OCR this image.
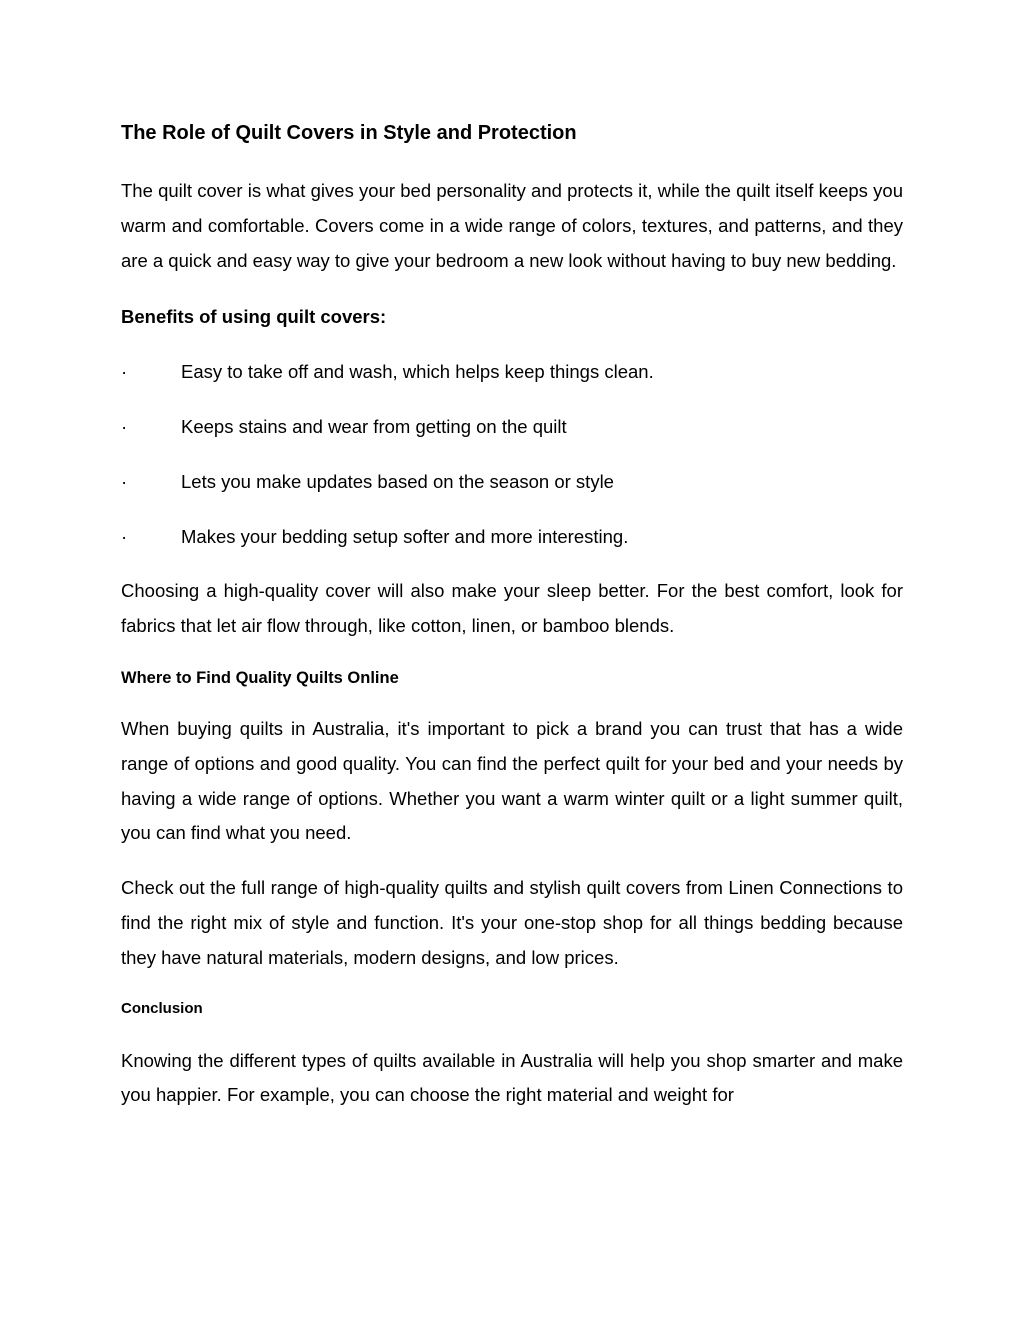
The Role of Quilt Covers in Style and Protection

The quilt cover is what gives your bed personality and protects it, while the quilt itself keeps you warm and comfortable. Covers come in a wide range of colors, textures, and patterns, and they are a quick and easy way to give your bedroom a new look without having to buy new bedding.

Benefits of using quilt covers:
·	Easy to take off and wash, which helps keep things clean.
·	Keeps stains and wear from getting on the quilt
·	Lets you make updates based on the season or style
·	Makes your bedding setup softer and more interesting.

Choosing a high-quality cover will also make your sleep better. For the best comfort, look for fabrics that let air flow through, like cotton, linen, or bamboo blends.

Where to Find Quality Quilts Online

When buying quilts in Australia, it's important to pick a brand you can trust that has a wide range of options and good quality. You can find the perfect quilt for your bed and your needs by having a wide range of options. Whether you want a warm winter quilt or a light summer quilt, you can find what you need.

Check out the full range of high-quality quilts and stylish quilt covers from Linen Connections to find the right mix of style and function. It's your one-stop shop for all things bedding because they have natural materials, modern designs, and low prices.

Conclusion

Knowing the different types of quilts available in Australia will help you shop smarter and make you happier. For example, you can choose the right material and weight for
